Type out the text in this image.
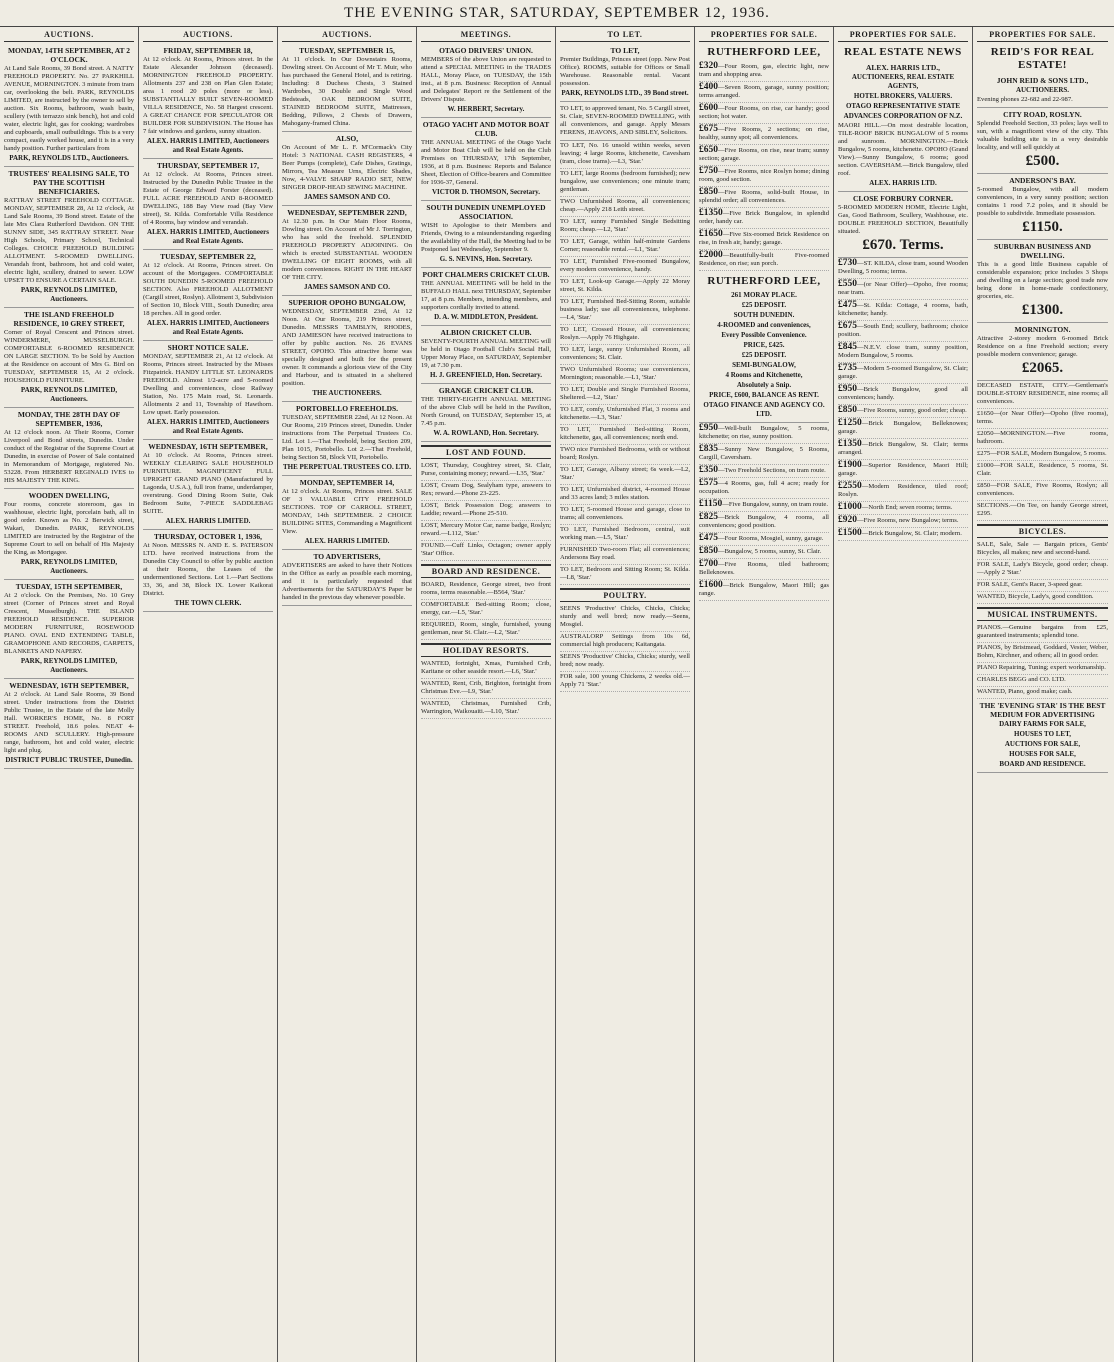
THE EVENING STAR, SATURDAY, SEPTEMBER 12, 1936.
AUCTIONS.
MONDAY, 14TH SEPTEMBER, AT 2 O'CLOCK.
At Land Sale Rooms, 39 Bond street. A NATTY FREEHOLD PROPERTY. No. 27 PARKHILL AVENUE, MORNINGTON. 3 minute from tram car, overlooking the belt. PARK, REYNOLDS LIMITED, are instructed by the owner to sell by auction. Six Rooms, bathroom, wash basin, scullery (with terrazzo sink bench), hot and cold water, electric light, gas for cooking; wardrobes and cupboards, small outbuildings. This is a very compact, easily worked house, and it is in a very handy position. Further particulars from
PARK, REYNOLDS LTD., Auctioneers.
TRUSTEES' REALISING SALE, TO PAY THE SCOTTISH BENEFICIARIES.
RATTRAY STREET FREEHOLD COTTAGE. MONDAY, SEPTEMBER 28, At 12 o'clock, At Land Sale Rooms, 39 Bond street. Estate of the late Mrs Clara Rutherford Davidson. ON THE SUNNY SIDE, 345 RATTRAY STREET. Near High Schools, Primary School, Technical Colleges. CHOICE FREEHOLD BUILDING ALLOTMENT. 5-ROOMED DWELLING. Verandah front, bathroom, hot and cold water, electric light, scullery, drained to sewer. LOW UPSET TO ENSURE A CERTAIN SALE.
PARK, REYNOLDS LIMITED, Auctioneers.
THE ISLAND FREEHOLD RESIDENCE, 10 GREY STREET,
Corner of Royal Crescent and Princes street. WINDERMERE, MUSSELBURGH. COMFORTABLE 6-ROOMED RESIDENCE ON LARGE SECTION. To be Sold by Auction at the Residence on account of Mrs G. Bird on TUESDAY, SEPTEMBER 15, At 2 o'clock. HOUSEHOLD FURNITURE.
PARK, REYNOLDS LIMITED, Auctioneers.
MONDAY, THE 28TH DAY OF SEPTEMBER, 1936,
At 12 o'clock noon. At Their Rooms, Corner Liverpool and Bond streets, Dunedin. Under conduct of the Registrar of the Supreme Court at Dunedin, in exercise of Power of Sale contained in Memorandum of Mortgage, registered No. 53228. From HERBERT REGINALD IVES to HIS MAJESTY THE KING.
WOODEN DWELLING,
Four rooms, concrete storeroom, gas in washhouse, electric light, porcelain bath, all in good order. Known as No. 2 Berwick street, Wakari, Dunedin. PARK, REYNOLDS LIMITED are instructed by the Registrar of the Supreme Court to sell on behalf of His Majesty the King, as Mortgagee.
PARK, REYNOLDS LIMITED, Auctioneers.
TUESDAY, 15TH SEPTEMBER,
At 2 o'clock. On the Premises, No. 10 Grey street (Corner of Princes street and Royal Crescent, Musselburgh). THE ISLAND FREEHOLD RESIDENCE. SUPERIOR MODERN FURNITURE, ROSEWOOD PIANO. OVAL END EXTENDING TABLE, GRAMOPHONE AND RECORDS, CARPETS, BLANKETS AND NAPERY.
PARK, REYNOLDS LIMITED, Auctioneers.
WEDNESDAY, 16TH SEPTEMBER,
At 2 o'clock. At Land Sale Rooms, 39 Bond street. Under instructions from the District Public Trustee, in the Estate of the late Molly Hall. WORKER'S HOME, No. 8 FORT STREET. Freehold, 18.6 poles. NEAT 4-ROOMS AND SCULLERY. High-pressure range, bathroom, hot and cold water, electric light and plug.
DISTRICT PUBLIC TRUSTEE, Dunedin.
AUCTIONS.
FRIDAY, SEPTEMBER 18,
At 12 o'clock. At Rooms, Princes street. In the Estate Alexander Johnson (deceased). MORNINGTON FREEHOLD PROPERTY. Allotments 237 and 238 on Plan Glen Estate; area 1 rood 20 poles (more or less). SUBSTANTIALLY BUILT SEVEN-ROOMED VILLA RESIDENCE, No. 58 Hargest crescent. A GREAT CHANCE FOR SPECULATOR OR BUILDER FOR SUBDIVISION. The House has 7 fair windows and gardens, sunny situation.
ALEX. HARRIS LIMITED, Auctioneers and Real Estate Agents.
THURSDAY, SEPTEMBER 17,
At 12 o'clock. At Rooms, Princes street. Instructed by the Dunedin Public Trustee in the Estate of George Edward Forster (deceased). FULL ACRE FREEHOLD AND 8-ROOMED DWELLING, 188 Bay View road (Bay View street), St. Kilda. Comfortable Villa Residence of 4 Rooms, bay window and verandah.
ALEX. HARRIS LIMITED, Auctioneers and Real Estate Agents.
TUESDAY, SEPTEMBER 22,
At 12 o'clock. At Rooms, Princes street. On account of the Mortgagees. COMFORTABLE SOUTH DUNEDIN 5-ROOMED FREEHOLD SECTION. Also FREEHOLD ALLOTMENT (Cargill street, Roslyn). Allotment 3, Subdivision of Section 10, Block VIII., South Dunedin; area 18 perches. All in good order.
ALEX. HARRIS LIMITED, Auctioneers and Real Estate Agents.
SHORT NOTICE SALE.
MONDAY, SEPTEMBER 21, At 12 o'clock. At Rooms, Princes street. Instructed by the Misses Fitzpatrick. HANDY LITTLE ST. LEONARDS FREEHOLD. Almost 1/2-acre and 5-roomed Dwelling and conveniences, close Railway Station, No. 175 Main road, St. Leonards. Allotments 2 and 11, Township of Hawthorn. Low upset. Early possession.
ALEX. HARRIS LIMITED, Auctioneers and Real Estate Agents.
WEDNESDAY, 16TH SEPTEMBER,
At 10 o'clock. At Rooms, Princes street. WEEKLY CLEARING SALE HOUSEHOLD FURNITURE. MAGNIFICENT FULL UPRIGHT GRAND PIANO (Manufactured by Lagonda, U.S.A.), full iron frame, underdamper, overstrung. Good Dining Room Suite, Oak Bedroom Suite, 7-PIECE SADDLEBAG SUITE.
ALEX. HARRIS LIMITED.
THURSDAY, OCTOBER 1, 1936,
At Noon. MESSRS N. AND E. S. PATERSON LTD. have received instructions from the Dunedin City Council to offer by public auction at their Rooms, the Leases of the undermentioned Sections. Lot 1.—Part Sections 33, 36, and 38, Block IX. Lower Kaikorai District.
THE TOWN CLERK.
AUCTIONS.
TUESDAY, SEPTEMBER 15,
At 11 o'clock. In Our Downstairs Rooms, Dowling street. On Account of Mr T. Muir, who has purchased the General Hotel, and is retiring. Including: 8 Duchess Chests, 3 Stained Wardrobes, 30 Double and Single Wood Bedsteads, OAK BEDROOM SUITE, STAINED BEDROOM SUITE, Mattresses, Bedding, Pillows, 2 Chests of Drawers, Mahogany-framed China.
ALSO,
On Account of Mr L. F. M'Cormack's City Hotel: 3 NATIONAL CASH REGISTERS, 4 Beer Pumps (complete), Cafe Dishes, Gratings, Mirrors, Tea Measure Urns, Electric Shades, Now, 4-VALVE SHARP RADIO SET, NEW SINGER DROP-HEAD SEWING MACHINE.
JAMES SAMSON AND CO.
WEDNESDAY, SEPTEMBER 22ND,
At 12.30 p.m. In Our Main Floor Rooms, Dowling street. On Account of Mr J. Torrington, who has sold the freehold. SPLENDID FREEHOLD PROPERTY ADJOINING. On which is erected SUBSTANTIAL WOODEN DWELLING OF EIGHT ROOMS, with all modern conveniences. RIGHT IN THE HEART OF THE CITY.
JAMES SAMSON AND CO.
SUPERIOR OPOHO BUNGALOW,
WEDNESDAY, SEPTEMBER 23rd, At 12 Noon. At Our Rooms, 219 Princes street, Dunedin. MESSRS TAMBLYN, RHODES, AND JAMIESON have received instructions to offer by public auction. No. 26 EVANS STREET, OPOHO. This attractive home was specially designed and built for the present owner. It commands a glorious view of the City and Harbour, and is situated in a sheltered position.
THE AUCTIONEERS.
PORTOBELLO FREEHOLDS.
TUESDAY, SEPTEMBER 22nd, At 12 Noon. At Our Rooms, 219 Princes street, Dunedin. Under instructions from The Perpetual Trustees Co. Ltd. Lot 1.—That Freehold, being Section 209, Plan 1015, Portobello. Lot 2.—That Freehold, being Section 58, Block VII, Portobello.
THE PERPETUAL TRUSTEES CO. LTD.
MONDAY, SEPTEMBER 14,
At 12 o'clock. At Rooms, Princes street. SALE OF 3 VALUABLE CITY FREEHOLD SECTIONS. TOP OF CARROLL STREET, MONDAY, 14th SEPTEMBER. 2 CHOICE BUILDING SITES, Commanding a Magnificent View.
ALEX. HARRIS LIMITED.
TO ADVERTISERS,
ADVERTISERS are asked to have their Notices in the Office as early as possible each morning, and it is particularly requested that Advertisements for the SATURDAY'S Paper be handed in the previous day whenever possible.
MEETINGS.
OTAGO DRIVERS' UNION.
MEMBERS of the above Union are requested to attend a SPECIAL MEETING in the TRADES HALL, Moray Place, on TUESDAY, the 15th inst., at 8 p.m. Business: Reception of Annual and Delegates' Report re the Settlement of the Drivers' Dispute.
W. HERBERT, Secretary.
OTAGO YACHT AND MOTOR BOAT CLUB.
THE ANNUAL MEETING of the Otago Yacht and Motor Boat Club will be held on the Club Premises on THURSDAY, 17th September, 1936, at 8 p.m. Business: Reports and Balance Sheet, Election of Office-bearers and Committee for 1936-37, General.
VICTOR D. THOMSON, Secretary.
SOUTH DUNEDIN UNEMPLOYED ASSOCIATION.
WISH to Apologise to their Members and Friends, Owing to a misunderstanding regarding the availability of the Hall, the Meeting had to be Postponed last Wednesday, September 9.
G. S. NEVINS, Hon. Secretary.
PORT CHALMERS CRICKET CLUB.
THE ANNUAL MEETING will be held in the BUFFALO HALL next THURSDAY, September 17, at 8 p.m. Members, intending members, and supporters cordially invited to attend.
D. A. W. MIDDLETON, President.
ALBION CRICKET CLUB.
SEVENTY-FOURTH ANNUAL MEETING will be held in Otago Football Club's Social Hall, Upper Moray Place, on SATURDAY, September 19, at 7.30 p.m.
H. J. GREENFIELD, Hon. Secretary.
GRANGE CRICKET CLUB.
THE THIRTY-EIGHTH ANNUAL MEETING of the above Club will be held in the Pavilion, North Ground, on TUESDAY, September 15, at 7.45 p.m.
W. A. ROWLAND, Hon. Secretary.
LOST AND FOUND.
LOST, Thursday, Coughtrey street, St. Clair, Purse, containing money; reward.—L35, 'Star.'
LOST, Cream Dog, Sealyham type, answers to Rex; reward.—Phone 23-225.
LOST, Brick Possession Dog; answers to Laddie; reward.—Phone 25-510.
LOST, Mercury Motor Car, name badge, Roslyn; reward.—L112, 'Star.'
FOUND.—Cuff Links, Octagon; owner apply 'Star' Office.
BOARD AND RESIDENCE.
BOARD, Residence, George street, two front rooms, terms reasonable.—B564, 'Star.'
COMFORTABLE Bed-sitting Room; close, energy, car.—L5, 'Star.'
REQUIRED, Room, single, furnished, young gentleman, near St. Clair.—L2, 'Star.'
HOLIDAY RESORTS.
WANTED, fortnight, Xmas, Furnished Crib, Karitane or other seaside resort.—L6, 'Star.'
WANTED, Rent, Crib, Brighton, fortnight from Christmas Eve.—L9, 'Star.'
WANTED, Christmas, Furnished Crib, Warrington, Waikouaiti.—L10, 'Star.'
TO LET.
TO LET,
Premier Buildings, Princes street (opp. New Post Office). ROOMS, suitable for Offices or Small Warehouse. Reasonable rental. Vacant possession.
PARK, REYNOLDS LTD., 39 Bond street.
TO LET, to approved tenant, No. 5 Cargill street, St. Clair, SEVEN-ROOMED DWELLING, with all conveniences, and garage. Apply Messrs FERENS, JEAVONS, AND SIBLEY, Solicitors.
TO LET, No. 16 unsold within weeks, seven leaving; 4 large Rooms, kitchenette, Cavesham (tram, close trams).—L3, 'Star.'
TO LET, large Rooms (bedroom furnished); new bungalow, use conveniences; one minute tram; gentleman.
TWO Unfurnished Rooms, all conveniences; cheap.—Apply 218 Leith street.
TO LET, sunny Furnished Single Bedsitting Room; cheap.—L2, 'Star.'
TO LET, Garage, within half-minute Gardens Corner; reasonable rental.—L1, 'Star.'
TO LET, Furnished Five-roomed Bungalow, every modern convenience, handy.
TO LET, Look-up Garage.—Apply 22 Moray street, St. Kilda.
TO LET, Furnished Bed-Sitting Room, suitable business lady; use all conveniences, telephone.—L4, 'Star.'
TO LET, Crossed House, all conveniences; Roslyn.—Apply 76 Highgate.
TO LET, large, sunny Unfurnished Room, all conveniences; St. Clair.
TWO Unfurnished Rooms; use conveniences, Mornington; reasonable.—L1, 'Star.'
TO LET, Double and Single Furnished Rooms, Sheltered.—L2, 'Star.'
TO LET, comfy, Unfurnished Flat, 3 rooms and kitchenette.—L3, 'Star.'
TO LET, Furnished Bed-sitting Room, kitchenette, gas, all conveniences; north end.
TWO nice Furnished Bedrooms, with or without board; Roslyn.
TO LET, Garage, Albany street; 6s week.—L2, 'Star.'
TO LET, Unfurnished district, 4-roomed House and 33 acres land; 3 miles station.
TO LET, 5-roomed House and garage, close to trams; all conveniences.
TO LET, Furnished Bedroom, central, suit working man.—L5, 'Star.'
FURNISHED Two-room Flat; all conveniences; Andersons Bay road.
TO LET, Bedroom and Sitting Room; St. Kilda.—L8, 'Star.'
POULTRY.
SEENS 'Productive' Chicks, Chicks, Chicks; sturdy and well bred; now ready.—Seens, Mosgiel.
AUSTRALORP Settings from 10s 6d, commercial high producers; Kaitangata.
SEENS 'Productive' Chicks, Chicks; sturdy, well bred; now ready.
FOR sale, 100 young Chickens, 2 weeks old.—Apply 71 'Star.'
PROPERTIES FOR SALE.
RUTHERFORD LEE,
£320—Four Room, gas, electric light, new tram and shopping area.
£400—Seven Room, garage, sunny position; terms arranged.
£600—Four Rooms, on rise, car handy; good section; hot water.
£675—Five Rooms, 2 sections; on rise, healthy, sunny spot; all conveniences.
£650—Five Rooms, on rise, near tram; sunny section; garage.
£750—Five Rooms, nice Roslyn home; dining room, good section.
£850—Five Rooms, solid-built House, in splendid order; all conveniences.
£1350—Five Brick Bungalow, in splendid order, handy car.
£1650—Five Six-roomed Brick Residence on rise, in fresh air, handy; garage.
£2000—Beautifully-built Five-roomed Residence, on rise; sun porch.
RUTHERFORD LEE,
261 MORAY PLACE.
£25 DEPOSIT.
SOUTH DUNEDIN.
4-ROOMED and conveniences,
Every Possible Convenience.
PRICE, £425.
£25 DEPOSIT.
SEMI-BUNGALOW,
4 Rooms and Kitchenette,
Absolutely a Snip.
PRICE, £600, BALANCE AS RENT.
OTAGO FINANCE AND AGENCY CO. LTD.
£950—Well-built Bungalow, 5 rooms, kitchenette; on rise, sunny position.
£835—Sunny New Bungalow, 5 Rooms, Cargill, Caversham.
£350—Two Freehold Sections, on tram route.
£575—4 Rooms, gas, full 4 acre; ready for occupation.
£1150—Five Bungalow, sunny, on tram route.
£825—Brick Bungalow, 4 rooms, all conveniences; good position.
£475—Four Rooms, Mosgiel, sunny, garage.
£850—Bungalow, 5 rooms, sunny, St. Clair.
£700—Five Rooms, tiled bathroom; Belleknowes.
£1600—Brick Bungalow, Maori Hill; gas range.
PROPERTIES FOR SALE.
REAL ESTATE NEWS
ALEX. HARRIS LTD.,
AUCTIONEERS, REAL ESTATE AGENTS,
HOTEL BROKERS, VALUERS.
OTAGO REPRESENTATIVE STATE
ADVANCES CORPORATION OF N.Z.
MAORI HILL.—On most desirable location, TILE-ROOF BRICK BUNGALOW of 5 rooms and sunroom. MORNINGTON.—Brick Bungalow, 5 rooms, kitchenette. OPOHO (Grand View).—Sunny Bungalow, 6 rooms; good section. CAVERSHAM.—Brick Bungalow, tiled roof.
ALEX. HARRIS LTD.
CLOSE FORBURY CORNER.
5-ROOMED MODERN HOME, Electric Light, Gas, Good Bathroom, Scullery, Washhouse, etc. DOUBLE FREEHOLD SECTION, Beautifully situated.
£670. Terms.
£730—ST. KILDA, close tram, sound Wooden Dwelling, 5 rooms; terms.
£550—(or Near Offer)—Opoho, five rooms; near tram.
£475—St. Kilda: Cottage, 4 rooms, bath, kitchenette; handy.
£675—South End; scullery, bathroom; choice position.
£845—N.E.V. close tram, sunny position, Modern Bungalow, 5 rooms.
£735—Modern 5-roomed Bungalow, St. Clair; garage.
£950—Brick Bungalow, good all conveniences; handy.
£850—Five Rooms, sunny, good order; cheap.
£1250—Brick Bungalow, Belleknowes; garage.
£1350—Brick Bungalow, St. Clair; terms arranged.
£1900—Superior Residence, Maori Hill; garage.
£2550—Modern Residence, tiled roof; Roslyn.
£1000—North End; seven rooms; terms.
£920—Five Rooms, new Bungalow; terms.
£1500—Brick Bungalow, St. Clair; modern.
PROPERTIES FOR SALE.
REID'S FOR REAL ESTATE!
JOHN REID & SONS LTD.,
AUCTIONEERS.
Evening phones 22-682 and 22-987.
CITY ROAD, ROSLYN.
Splendid Freehold Section, 33 poles; lays well to sun, with a magnificent view of the city. This valuable building site is in a very desirable locality, and will sell quickly at
£500.
ANDERSON'S BAY.
5-roomed Bungalow, with all modern conveniences, in a very sunny position; section contains 1 rood 7.2 poles, and it should be possible to subdivide. Immediate possession.
£1150.
SUBURBAN BUSINESS AND DWELLING.
This is a good little Business capable of considerable expansion; price includes 3 Shops and dwelling on a large section; good trade now being done in home-made confectionery, groceries, etc.
£1300.
MORNINGTON.
Attractive 2-storey modern 6-roomed Brick Residence on a fine Freehold section; every possible modern convenience; garage.
£2065.
DECEASED ESTATE, CITY.—Gentleman's DOUBLE-STORY RESIDENCE, nine rooms; all conveniences.
£1650—(or Near Offer)—Opoho (five rooms), terms.
£2050—MORNINGTON.—Five rooms, bathroom.
£275—FOR SALE, Modern Bungalow, 5 rooms.
£1000—FOR SALE, Residence, 5 rooms, St. Clair.
£850—FOR SALE, Five Rooms, Roslyn; all conveniences.
SECTIONS.—On Tee, on handy George street, £295.
BICYCLES.
SALE, Sale, Sale — Bargain prices, Gents' Bicycles, all makes; new and second-hand.
FOR SALE, Lady's Bicycle, good order; cheap.—Apply 2 'Star.'
FOR SALE, Gent's Racer, 3-speed gear.
WANTED, Bicycle, Lady's, good condition.
MUSICAL INSTRUMENTS.
PIANOS.—Genuine bargains from £25, guaranteed instruments; splendid tone.
PIANOS, by Bristmead, Goddard, Vester, Weber, Bohm, Kirchner, and others; all in good order.
PIANO Repairing, Tuning; expert workmanship.
CHARLES BEGG and CO. LTD.
WANTED, Piano, good make; cash.
THE 'EVENING STAR' IS THE BEST MEDIUM FOR ADVERTISING
DAIRY FARMS FOR SALE,
HOUSES TO LET,
AUCTIONS FOR SALE,
HOUSES FOR SALE,
BOARD AND RESIDENCE.
